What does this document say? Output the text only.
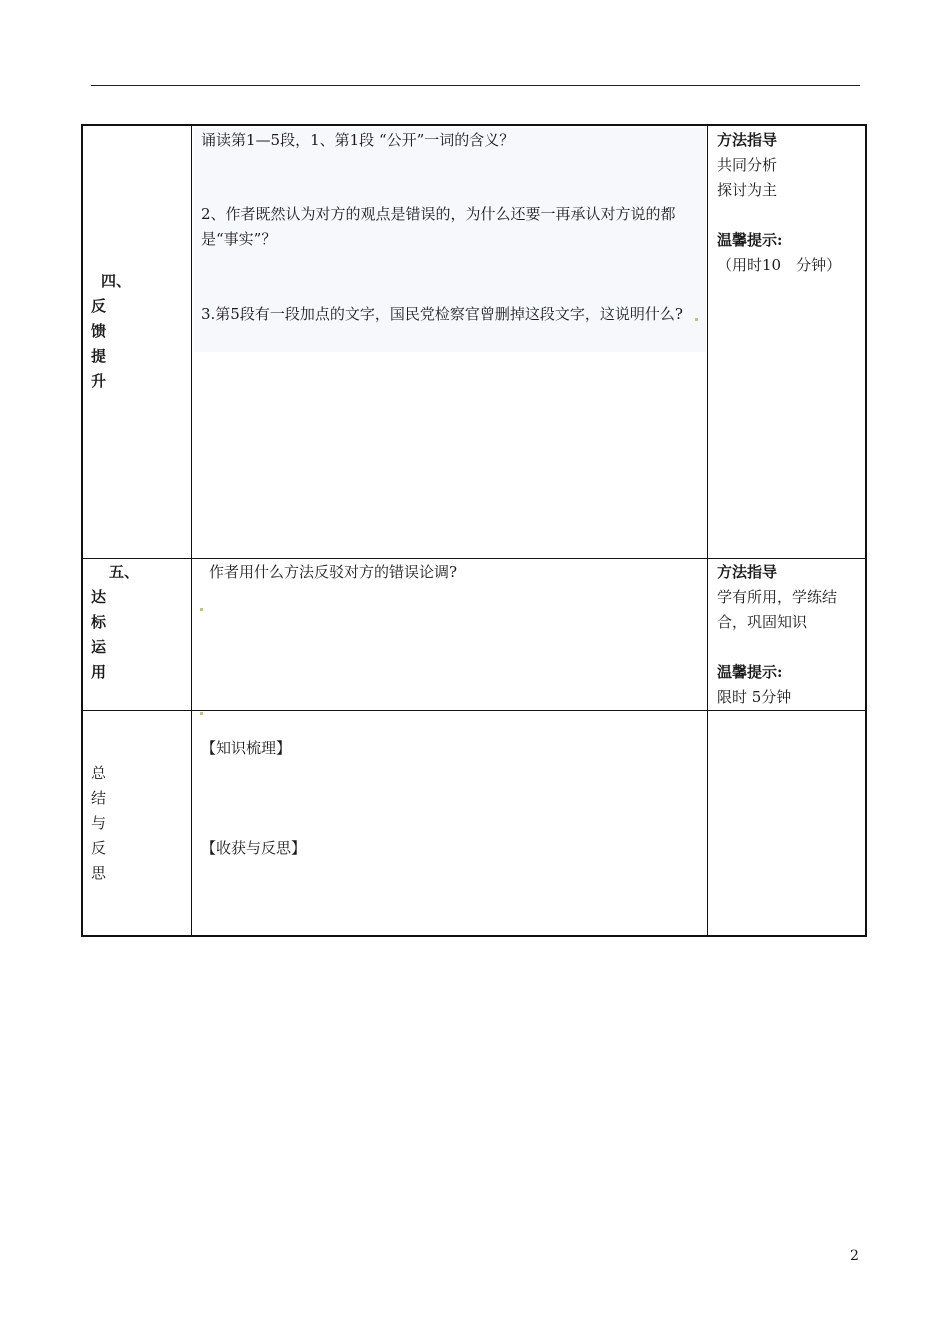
四、
反
馈
提
升
诵读第1—5段，1、第1段 “公开”一词的含义？
2、作者既然认为对方的观点是错误的，为什么还要一再承认对方说的都是“事实”？
3.第5段有一段加点的文字，国民党检察官曾删掉这段文字，这说明什么?
方法指导
共同分析
探讨为主
温馨提示:
（用时10　分钟）
五、
达
标
运
用
作者用什么方法反驳对方的错误论调?	方法指导
学有所用，学练结
合，巩固知识
温馨提示:
限时 5分钟
总
结
与
反
思
【知识梳理】
【收获与反思】
2
